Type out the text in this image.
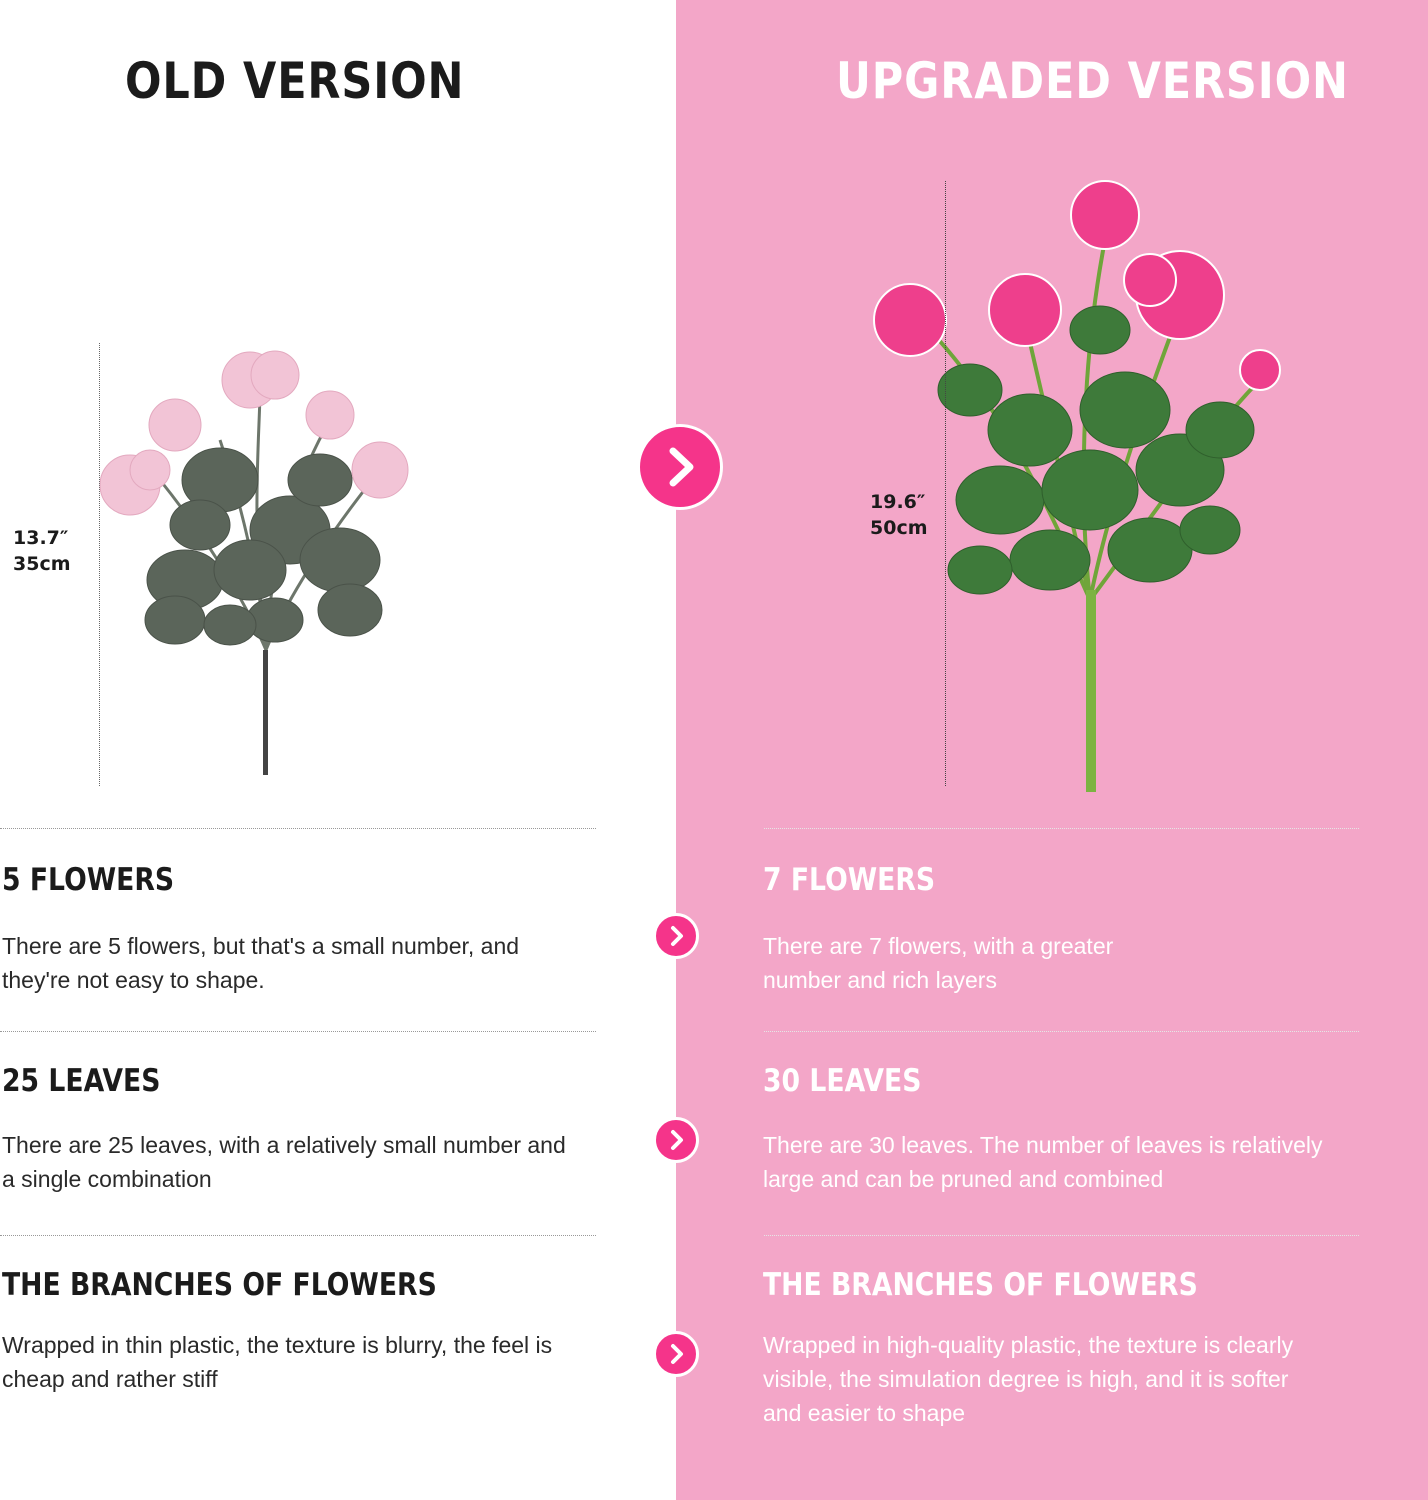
OLD VERSION	UPGRADED VERSION
13.7″
35cm
19.6″
50cm
5 FLOWERS

There are 5 flowers, but that's a small number, and they're not easy to shape.

25 LEAVES

There are 25 leaves, with a relatively small number and a single combination

THE BRANCHES OF FLOWERS

Wrapped in thin plastic, the texture is blurry, the feel is cheap and rather stiff

7 FLOWERS

There are 7 flowers, with a greater number and rich layers

30 LEAVES

There are 30 leaves. The number of leaves is relatively large and can be pruned and combined

THE BRANCHES OF FLOWERS

Wrapped in high-quality plastic, the texture is clearly visible, the simulation degree is high, and it is softer and easier to shape
